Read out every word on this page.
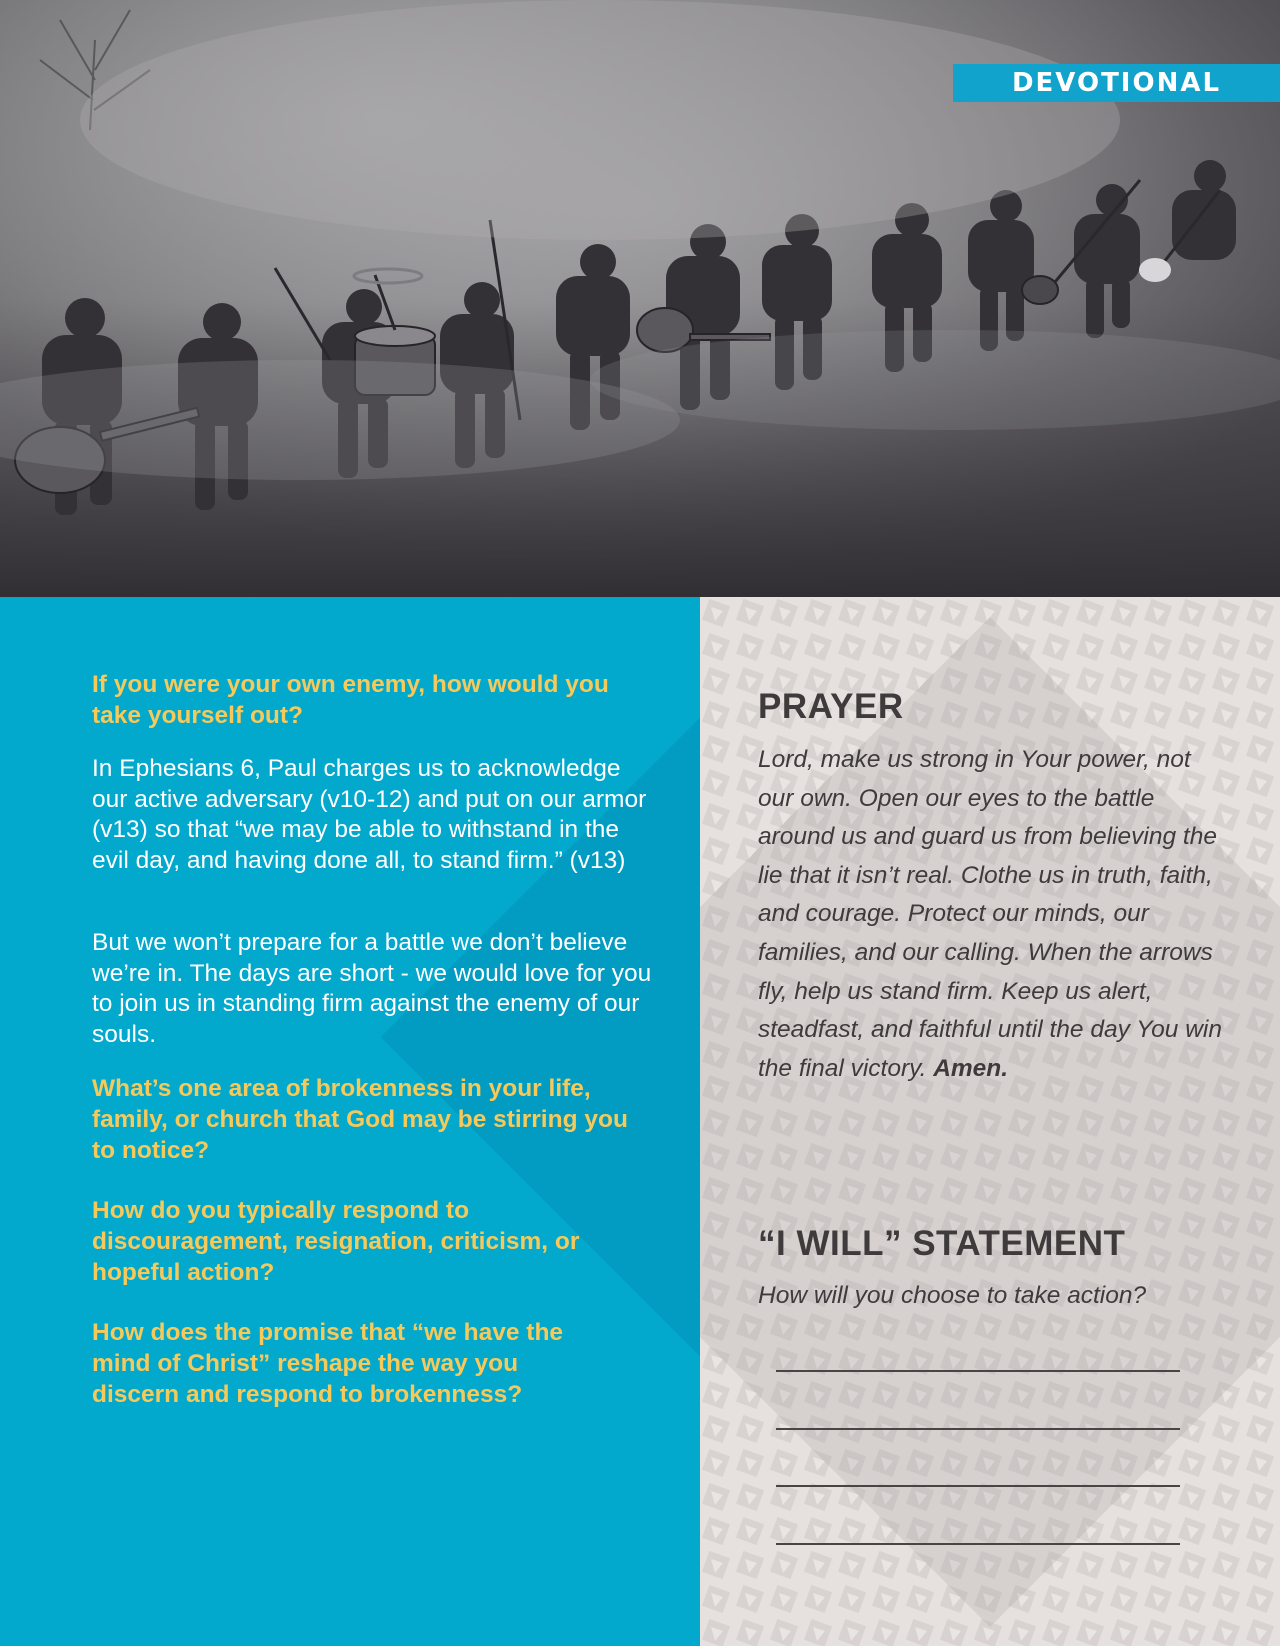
DEVOTIONAL

If you were your own enemy, how would you take yourself out?

In Ephesians 6, Paul charges us to acknowledge our active adversary (v10-12) and put on our armor (v13) so that “we may be able to withstand in the evil day, and having done all, to stand firm.” (v13)

But we won’t prepare for a battle we don’t believe we’re in. The days are short - we would love for you to join us in standing firm against the enemy of our souls.

What’s one area of brokenness in your life, family, or church that God may be stirring you to notice?

How do you typically respond to discouragement, resignation, criticism, or hopeful action?

How does the promise that “we have the mind of Christ” reshape the way you discern and respond to brokenness?

PRAYER

Lord, make us strong in Your power, not our own. Open our eyes to the battle around us and guard us from believing the lie that it isn’t real. Clothe us in truth, faith, and courage. Protect our minds, our families, and our calling. When the arrows fly, help us stand firm. Keep us alert, steadfast, and faithful until the day You win the final victory. Amen.

“I WILL” STATEMENT

How will you choose to take action?
